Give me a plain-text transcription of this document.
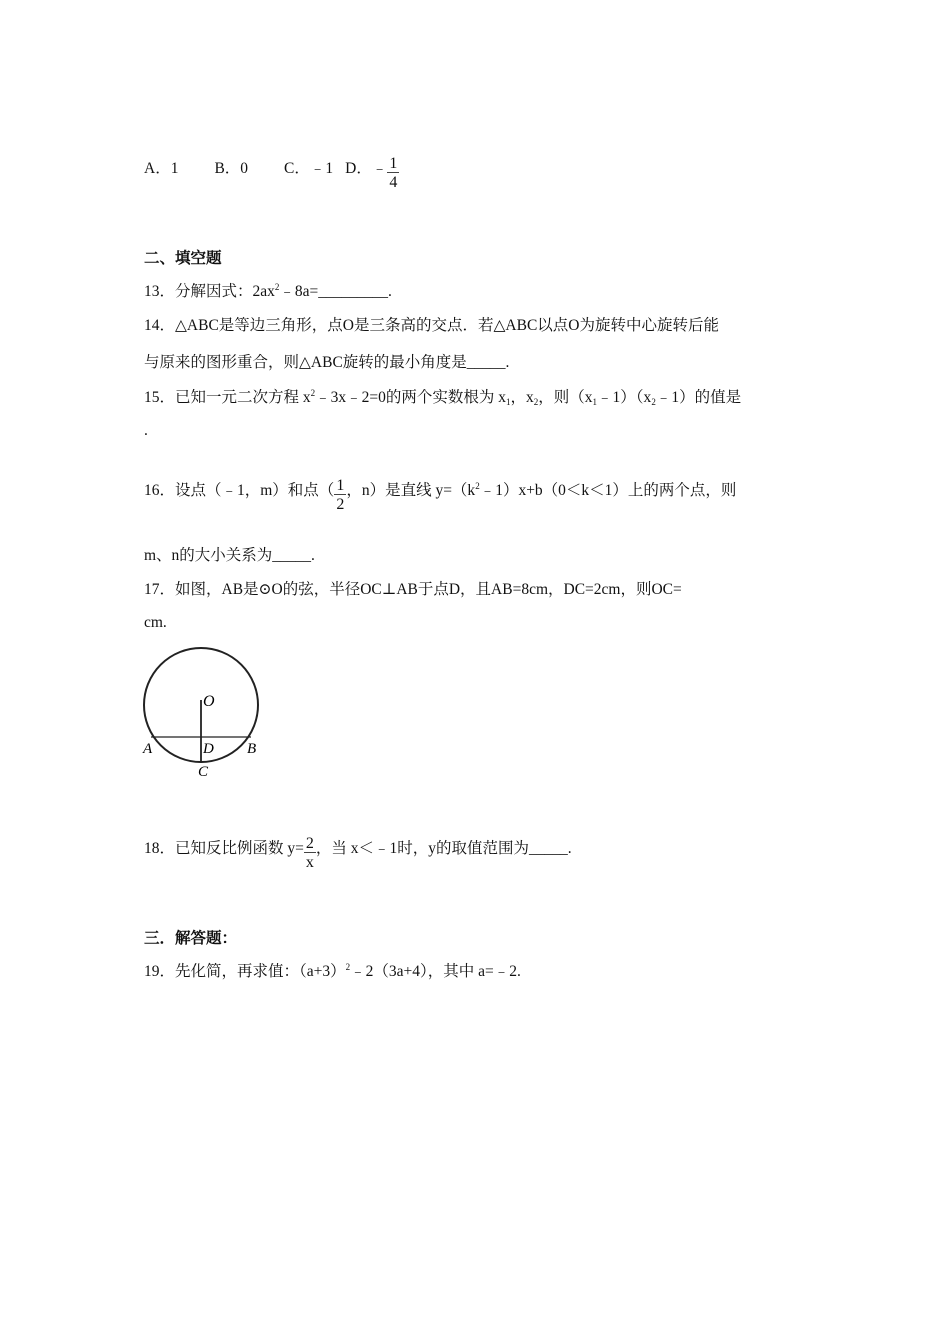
A．1 B．0 C．﹣1 D．﹣ $\frac{1}{4}$
二、填空题
13．分解因式：$2ax^2﹣8a=\_\_\_\_\_\_\_\_\_$.
14．△ABC是等边三角形，点O是三条高的交点．若△ABC以点O为旋转中心旋转后能
与原来的图形重合，则△ABC旋转的最小角度是_____.
15．已知一元二次方程 $x^2﹣3x﹣2=0$的两个实数根为 $x_1$，$x_2$，则$(x_1﹣1)(x_2﹣1)$的值是
.
16．设点（﹣1，m）和点（ $\frac{1}{2}$ ，n）是直线 $y=(k^2﹣1)x+b(0<k<1)$上的两个点，则
m、n的大小关系为_____.
17．如图，AB是⊙O的弦，半径OC⊥AB于点D，且AB=8cm，DC=2cm，则OC=
cm.
O
A	D B
C
18．已知反比例函数 $y= \frac{2}{x}$ ，当 x＜﹣1时，y的取值范围为_____.
三．解答题：
19．先化简，再求值：$(a+3)^2﹣2(3a+4)$，其中 a=﹣2.
